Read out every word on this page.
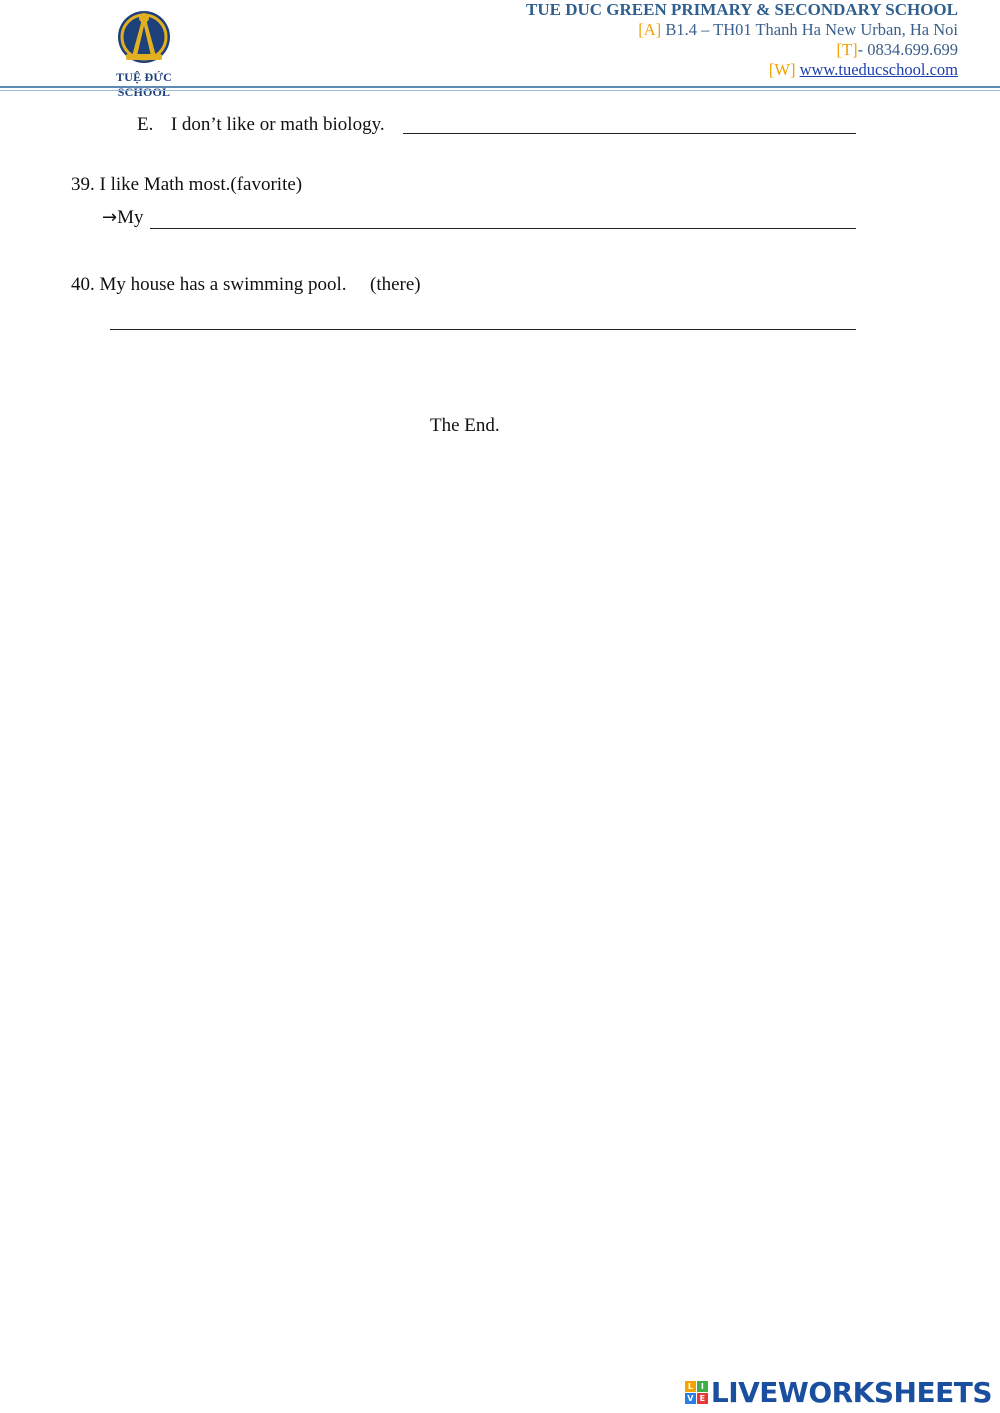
TUỆ ĐỨC SCHOOL
TUE DUC GREEN PRIMARY & SECONDARY SCHOOL
[A] B1.4 – TH01 Thanh Ha New Urban, Ha Noi
[T]- 0834.699.699
[W] www.tueducschool.com
E. I don’t like or math biology.
39. I like Math most.(favorite)
→My
40. My house has a swimming pool. (there)
The End.
L I
V E LIVEWORKSHEETS
